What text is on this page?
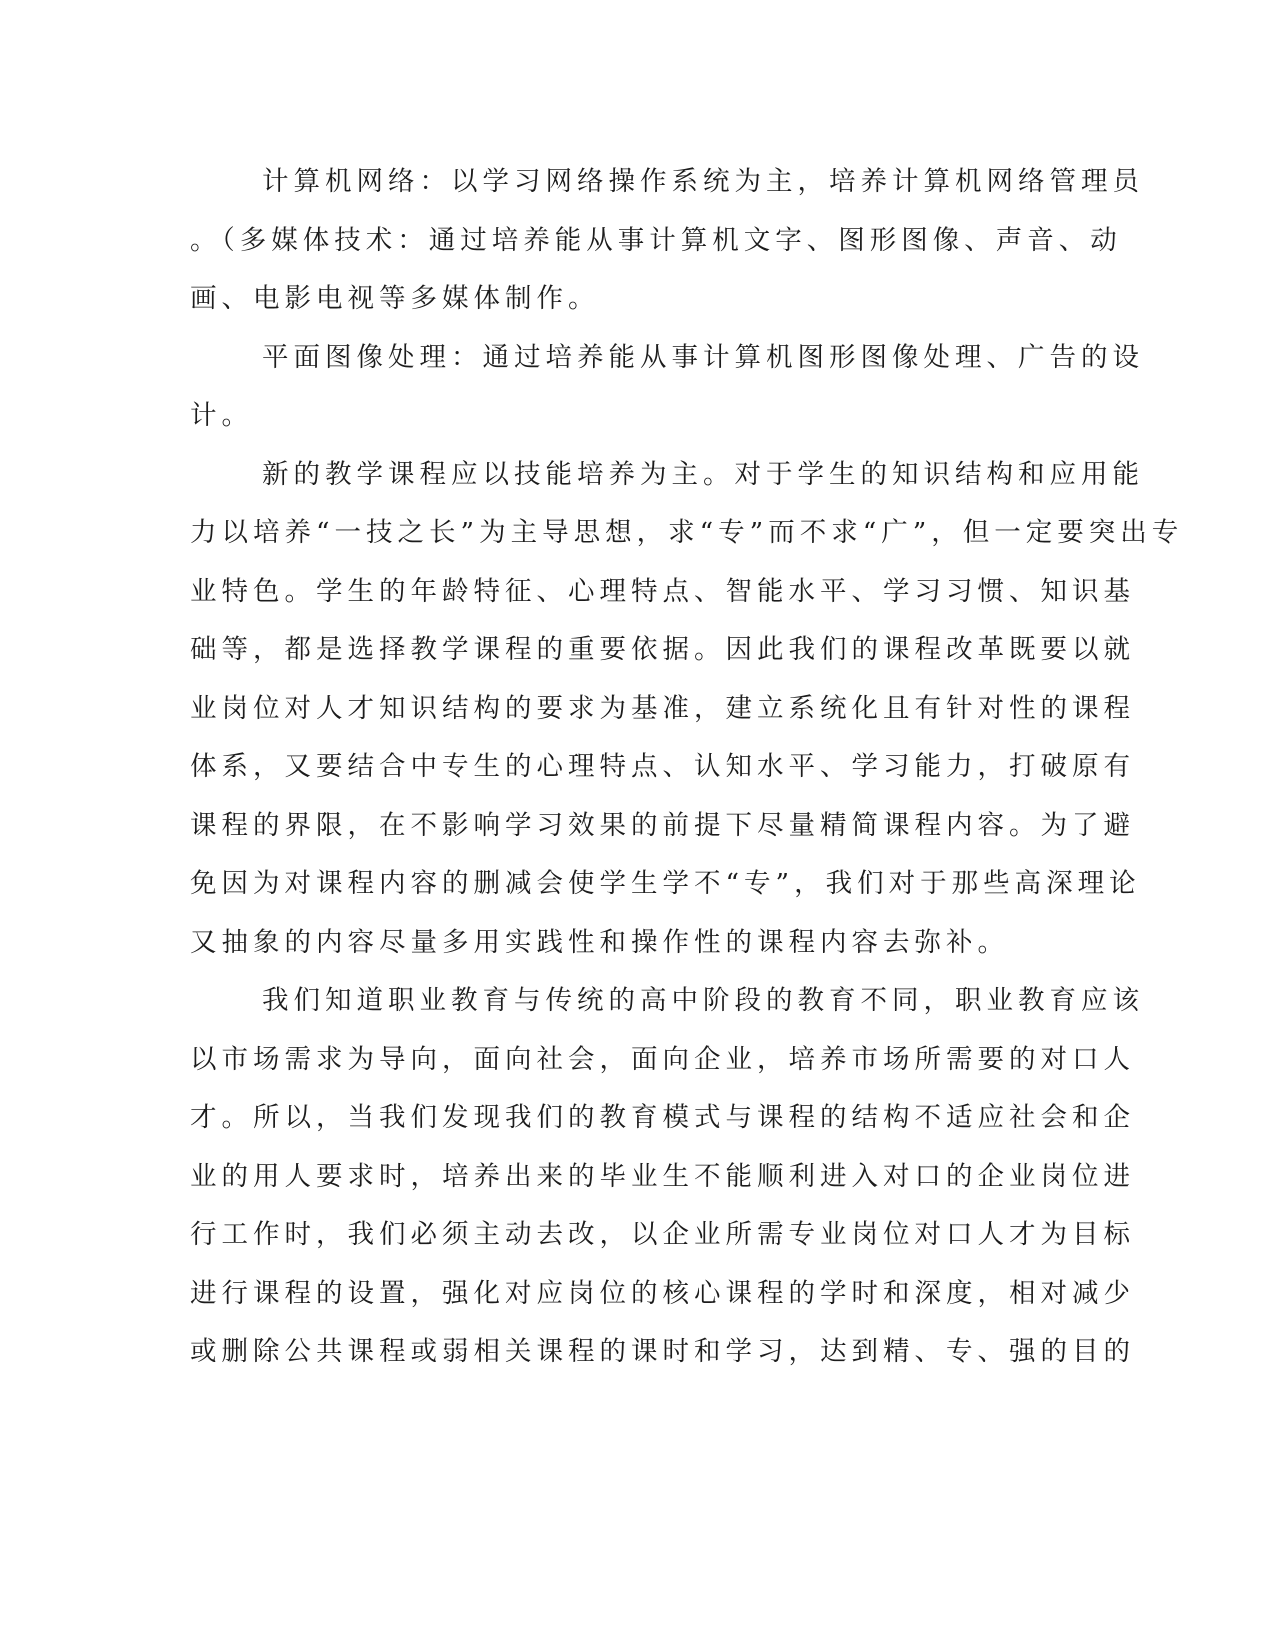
计算机网络：以学习网络操作系统为主，培养计算机网络管理员
。（多媒体技术：通过培养能从事计算机文字、图形图像、声音、动
画、电影电视等多媒体制作。
平面图像处理：通过培养能从事计算机图形图像处理、广告的设
计。
新的教学课程应以技能培养为主。对于学生的知识结构和应用能
力以培养“一技之长”为主导思想，求“专”而不求“广”，但一定要突出专
业特色。学生的年龄特征、心理特点、智能水平、学习习惯、知识基
础等，都是选择教学课程的重要依据。因此我们的课程改革既要以就
业岗位对人才知识结构的要求为基准，建立系统化且有针对性的课程
体系，又要结合中专生的心理特点、认知水平、学习能力，打破原有
课程的界限，在不影响学习效果的前提下尽量精简课程内容。为了避
免因为对课程内容的删减会使学生学不“专”，我们对于那些高深理论
又抽象的内容尽量多用实践性和操作性的课程内容去弥补。
我们知道职业教育与传统的高中阶段的教育不同，职业教育应该
以市场需求为导向，面向社会，面向企业，培养市场所需要的对口人
才。所以，当我们发现我们的教育模式与课程的结构不适应社会和企
业的用人要求时，培养出来的毕业生不能顺利进入对口的企业岗位进
行工作时，我们必须主动去改，以企业所需专业岗位对口人才为目标
进行课程的设置，强化对应岗位的核心课程的学时和深度，相对减少
或删除公共课程或弱相关课程的课时和学习，达到精、专、强的目的
